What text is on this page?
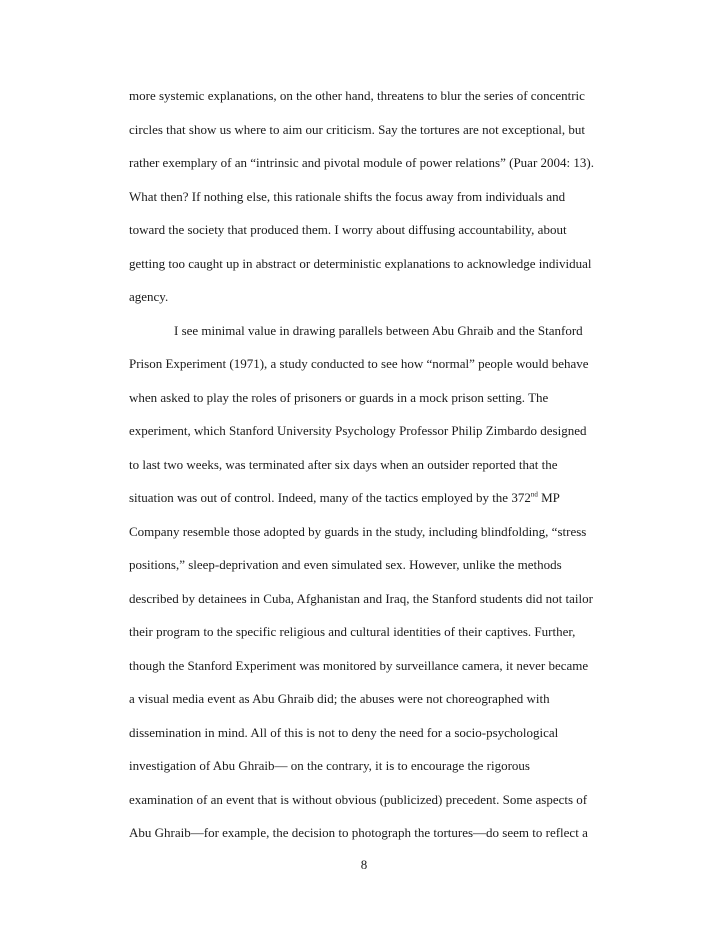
more systemic explanations, on the other hand, threatens to blur the series of concentric
circles that show us where to aim our criticism. Say the tortures are not exceptional, but
rather exemplary of an “intrinsic and pivotal module of power relations” (Puar 2004: 13).
What then? If nothing else, this rationale shifts the focus away from individuals and
toward the society that produced them. I worry about diffusing accountability, about
getting too caught up in abstract or deterministic explanations to acknowledge individual
agency.
I see minimal value in drawing parallels between Abu Ghraib and the Stanford
Prison Experiment (1971), a study conducted to see how “normal” people would behave
when asked to play the roles of prisoners or guards in a mock prison setting. The
experiment, which Stanford University Psychology Professor Philip Zimbardo designed
to last two weeks, was terminated after six days when an outsider reported that the
situation was out of control. Indeed, many of the tactics employed by the 372nd MP
Company resemble those adopted by guards in the study, including blindfolding, “stress
positions,” sleep-deprivation and even simulated sex. However, unlike the methods
described by detainees in Cuba, Afghanistan and Iraq, the Stanford students did not tailor
their program to the specific religious and cultural identities of their captives. Further,
though the Stanford Experiment was monitored by surveillance camera, it never became
a visual media event as Abu Ghraib did; the abuses were not choreographed with
dissemination in mind. All of this is not to deny the need for a socio-psychological
investigation of Abu Ghraib— on the contrary, it is to encourage the rigorous
examination of an event that is without obvious (publicized) precedent. Some aspects of
Abu Ghraib—for example, the decision to photograph the tortures—do seem to reflect a
8
